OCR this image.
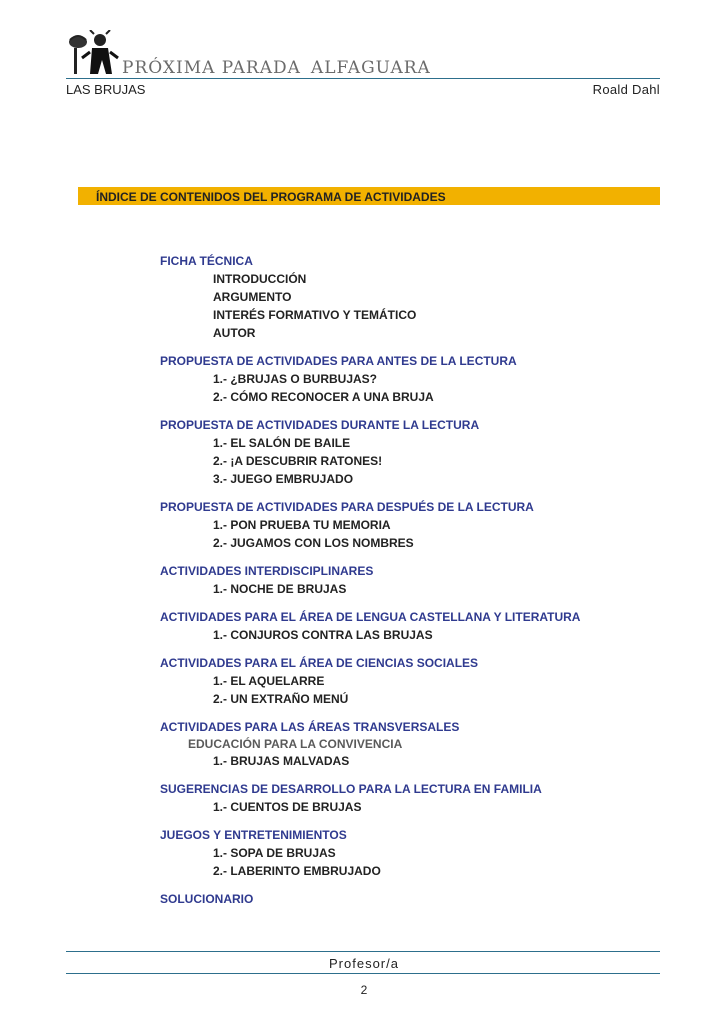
PRÓXIMA PARADA ALFAGUARA
LAS BRUJAS	Roald Dahl
ÍNDICE DE CONTENIDOS DEL PROGRAMA DE ACTIVIDADES
FICHA TÉCNICA
INTRODUCCIÓN
ARGUMENTO
INTERÉS FORMATIVO Y TEMÁTICO
AUTOR
PROPUESTA DE ACTIVIDADES PARA ANTES DE LA LECTURA
1.- ¿BRUJAS O BURBUJAS?
2.- CÓMO RECONOCER A UNA BRUJA
PROPUESTA DE ACTIVIDADES DURANTE LA LECTURA
1.- EL SALÓN DE BAILE
2.- ¡A DESCUBRIR RATONES!
3.- JUEGO EMBRUJADO
PROPUESTA DE ACTIVIDADES PARA DESPUÉS DE LA LECTURA
1.- PON PRUEBA TU MEMORIA
2.- JUGAMOS CON LOS NOMBRES
ACTIVIDADES INTERDISCIPLINARES
1.- NOCHE DE BRUJAS
ACTIVIDADES PARA EL ÁREA DE LENGUA CASTELLANA Y LITERATURA
1.- CONJUROS CONTRA LAS BRUJAS
ACTIVIDADES PARA EL ÁREA DE CIENCIAS SOCIALES
1.- EL AQUELARRE
2.- UN EXTRAÑO MENÚ
ACTIVIDADES PARA LAS ÁREAS TRANSVERSALES
EDUCACIÓN PARA LA CONVIVENCIA
1.- BRUJAS MALVADAS
SUGERENCIAS DE DESARROLLO PARA LA LECTURA EN FAMILIA
1.- CUENTOS DE BRUJAS
JUEGOS Y ENTRETENIMIENTOS
1.- SOPA DE BRUJAS
2.- LABERINTO EMBRUJADO
SOLUCIONARIO
Profesor/a
2
